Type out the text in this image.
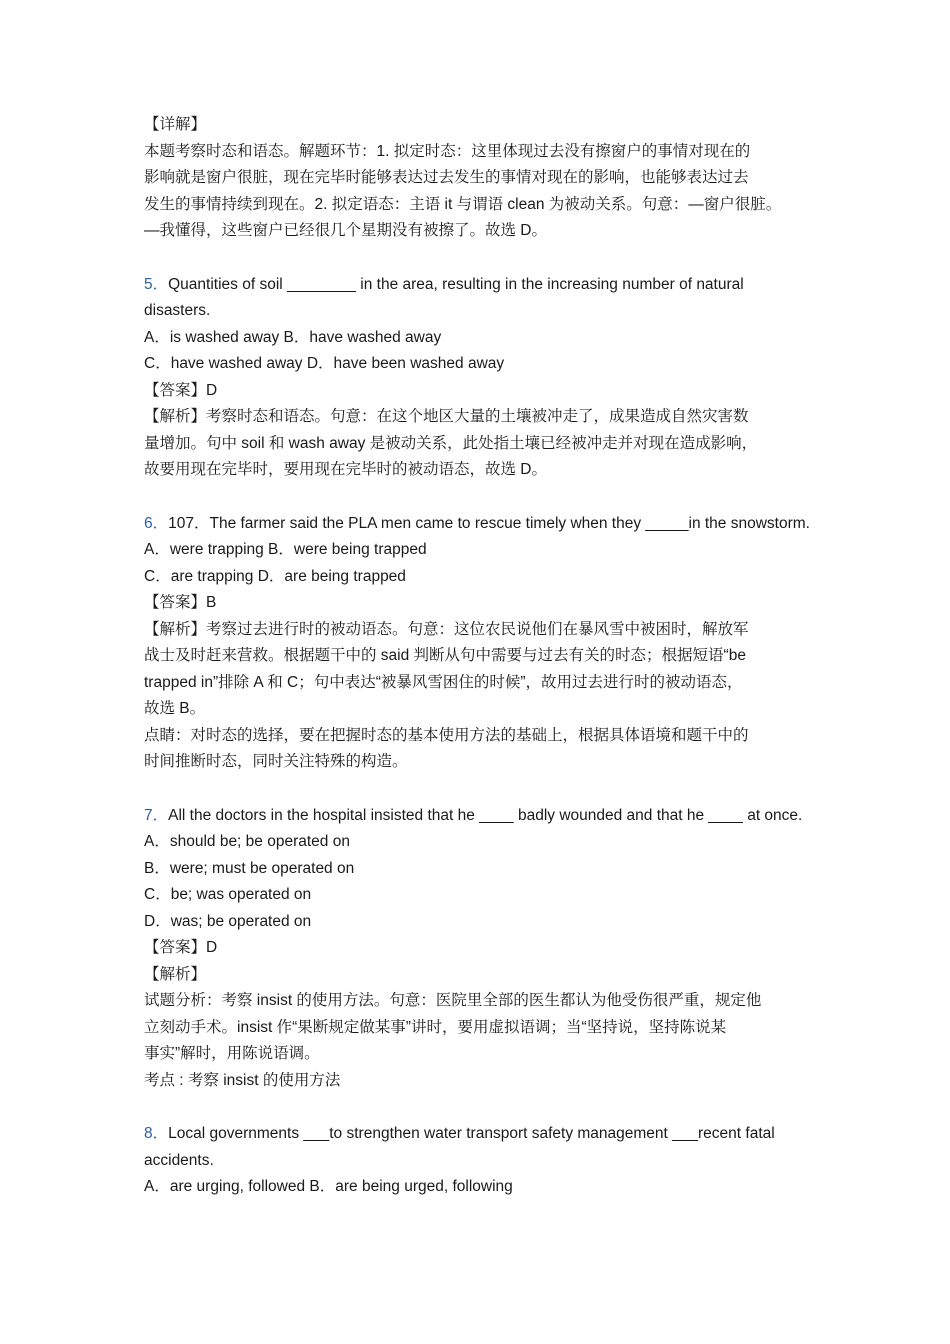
【详解】
本题考察时态和语态。解题环节：1. 拟定时态：这里体现过去没有擦窗户的事情对现在的
影响就是窗户很脏，现在完毕时能够表达过去发生的事情对现在的影响，也能够表达过去
发生的事情持续到现在。2. 拟定语态：主语 it 与谓语 clean 为被动关系。句意：—窗户很脏。
—我懂得，这些窗户已经很几个星期没有被擦了。故选 D。
5．Quantities of soil ________ in the area, resulting in the increasing number of natural
disasters.
A．is washed away B．have washed away
C．have washed away D．have been washed away
【答案】D
【解析】考察时态和语态。句意：在这个地区大量的土壤被冲走了，成果造成自然灾害数
量增加。句中 soil 和 wash away 是被动关系，此处指土壤已经被冲走并对现在造成影响，
故要用现在完毕时，要用现在完毕时的被动语态，故选 D。
6．107．The farmer said the PLA men came to rescue timely when they _____in the snowstorm.
A．were trapping B．were being trapped
C．are trapping D．are being trapped
【答案】B
【解析】考察过去进行时的被动语态。句意：这位农民说他们在暴风雪中被困时，解放军
战士及时赶来营救。根据题干中的 said 判断从句中需要与过去有关的时态；根据短语“be
trapped in”排除 A 和 C；句中表达“被暴风雪困住的时候”，故用过去进行时的被动语态，
故选 B。
点睛：对时态的选择，要在把握时态的基本使用方法的基础上，根据具体语境和题干中的
时间推断时态，同时关注特殊的构造。
7．All the doctors in the hospital insisted that he ____ badly wounded and that he ____ at once.
A．should be; be operated on
B．were; must be operated on
C．be; was operated on
D．was; be operated on
【答案】D
【解析】
试题分析：考察 insist 的使用方法。句意：医院里全部的医生都认为他受伤很严重，规定他
立刻动手术。insist 作“果断规定做某事”讲时，要用虚拟语调；当“坚持说，坚持陈说某
事实”解时，用陈说语调。
考点 : 考察 insist 的使用方法
8．Local governments ___to strengthen water transport safety management ___recent fatal
accidents.
A．are urging, followed B．are being urged, following
